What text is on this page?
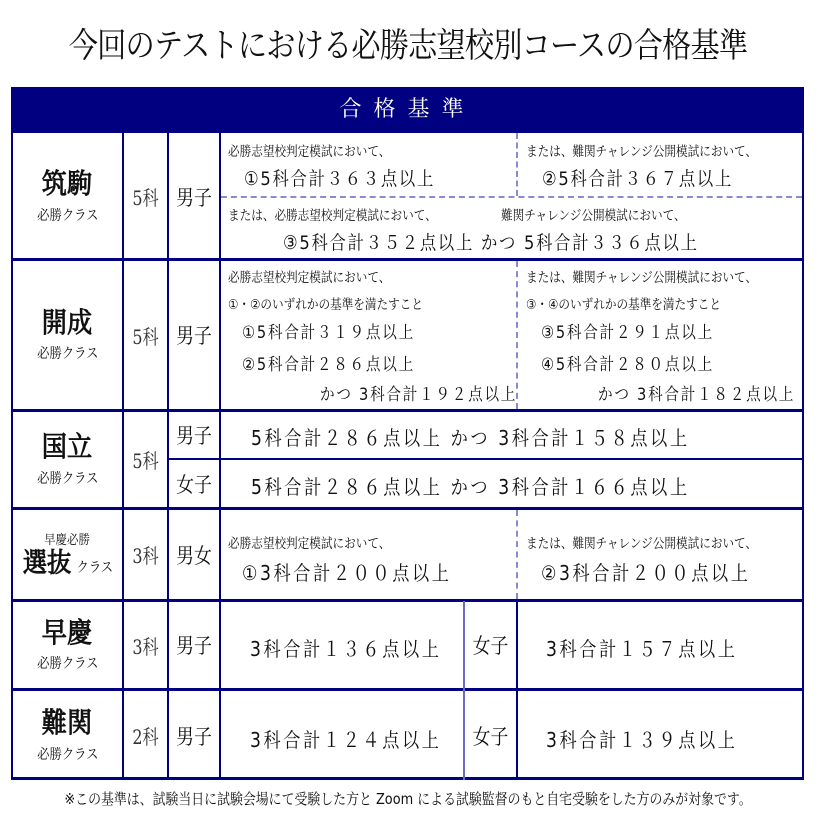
今回のテストにおける必勝志望校別コースの合格基準
合格基準
筑駒
必勝クラス
5科 男子
必勝志望校判定模試において、
①5科合計３６３点以上
または、難関チャレンジ公開模試において、
②5科合計３６７点以上
または、必勝志望校判定模試において、	難関チャレンジ公開模試において、
③5科合計３５２点以上 かつ 5科合計３３６点以上
開成
必勝クラス
5科 男子
必勝志望校判定模試において、
①・②のいずれかの基準を満たすこと
①5科合計３１９点以上
②5科合計２８６点以上
かつ 3科合計１９２点以上
または、難関チャレンジ公開模試において、
③・④のいずれかの基準を満たすこと
③5科合計２９１点以上
④5科合計２８０点以上
かつ 3科合計１８２点以上
国立
必勝クラス
5科
男子 5科合計２８６点以上 かつ 3科合計１５８点以上
女子 5科合計２８６点以上 かつ 3科合計１６６点以上
早慶必勝
選抜 クラス
3科 男女 必勝志望校判定模試において、
①3科合計２００点以上
または、難関チャレンジ公開模試において、
②3科合計２００点以上
早慶
必勝クラス
3科 男子 3科合計１３６点以上 女子 3科合計１５７点以上
難関
必勝クラス
2科 男子 3科合計１２４点以上 女子 3科合計１３９点以上
※この基準は、試験当日に試験会場にて受験した方と Zoom による試験監督のもと自宅受験をした方のみが対象です。
